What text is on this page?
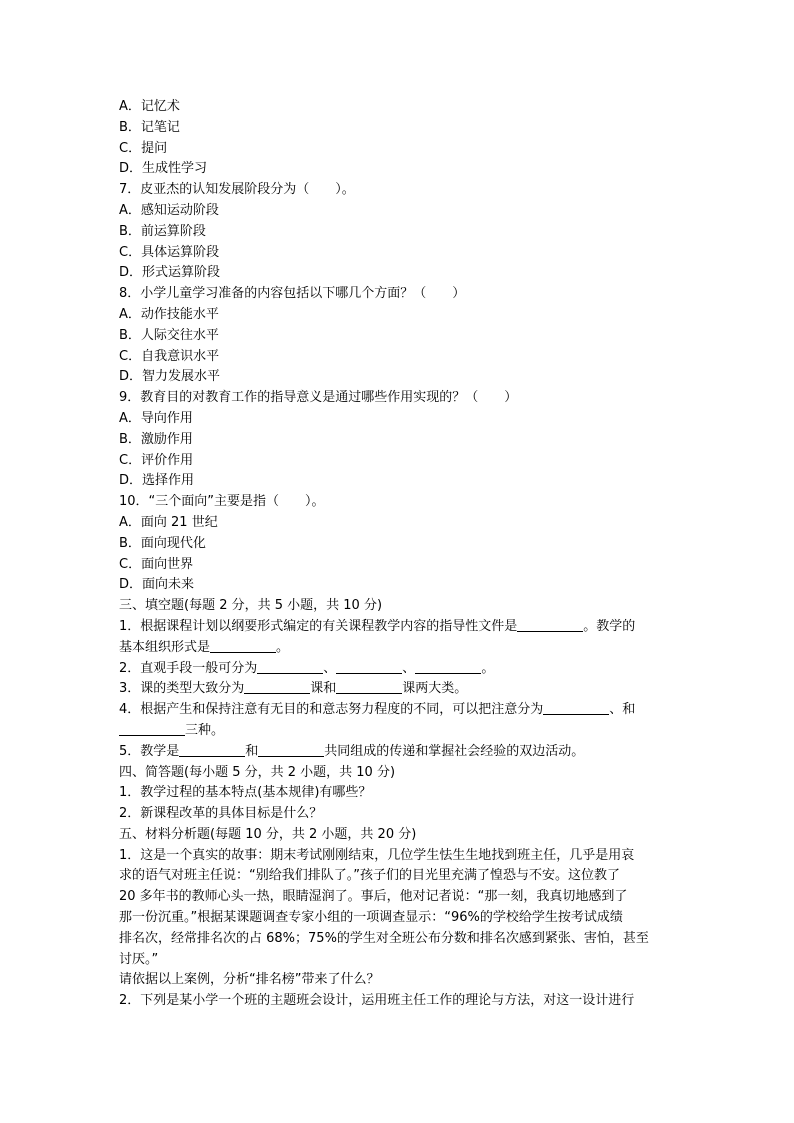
A．记忆术
B．记笔记
C．提问
D．生成性学习
7．皮亚杰的认知发展阶段分为（　　）。
A．感知运动阶段
B．前运算阶段
C．具体运算阶段
D．形式运算阶段
8．小学儿童学习准备的内容包括以下哪几个方面？（　　）
A．动作技能水平
B．人际交往水平
C．自我意识水平
D．智力发展水平
9．教育目的对教育工作的指导意义是通过哪些作用实现的？（　　）
A．导向作用
B．激励作用
C．评价作用
D．选择作用
10．“三个面向”主要是指（　　）。
A．面向 21 世纪
B．面向现代化
C．面向世界
D．面向未来
三、填空题(每题 2 分，共 5 小题，共 10 分)
1．根据课程计划以纲要形式编定的有关课程教学内容的指导性文件是	。教学的
基本组织形式是	。
2．直观手段一般可分为	、	、	。
3．课的类型大致分为	课和	课两大类。
4．根据产生和保持注意有无目的和意志努力程度的不同，可以把注意分为	、和
三种。
5．教学是	和	共同组成的传递和掌握社会经验的双边活动。
四、简答题(每小题 5 分，共 2 小题，共 10 分)
1．教学过程的基本特点(基本规律)有哪些？
2．新课程改革的具体目标是什么？
五、材料分析题(每题 10 分，共 2 小题，共 20 分)
1．这是一个真实的故事：期末考试刚刚结束，几位学生怯生生地找到班主任，几乎是用哀
求的语气对班主任说：“别给我们排队了。”孩子们的目光里充满了惶恐与不安。这位教了
20 多年书的教师心头一热，眼睛湿润了。事后，他对记者说：“那一刻，我真切地感到了
那一份沉重。”根据某课题调查专家小组的一项调查显示：“96%的学校给学生按考试成绩
排名次，经常排名次的占 68%；75%的学生对全班公布分数和排名次感到紧张、害怕，甚至
讨厌。”
请依据以上案例，分析“排名榜”带来了什么？
2．下列是某小学一个班的主题班会设计，运用班主任工作的理论与方法，对这一设计进行
